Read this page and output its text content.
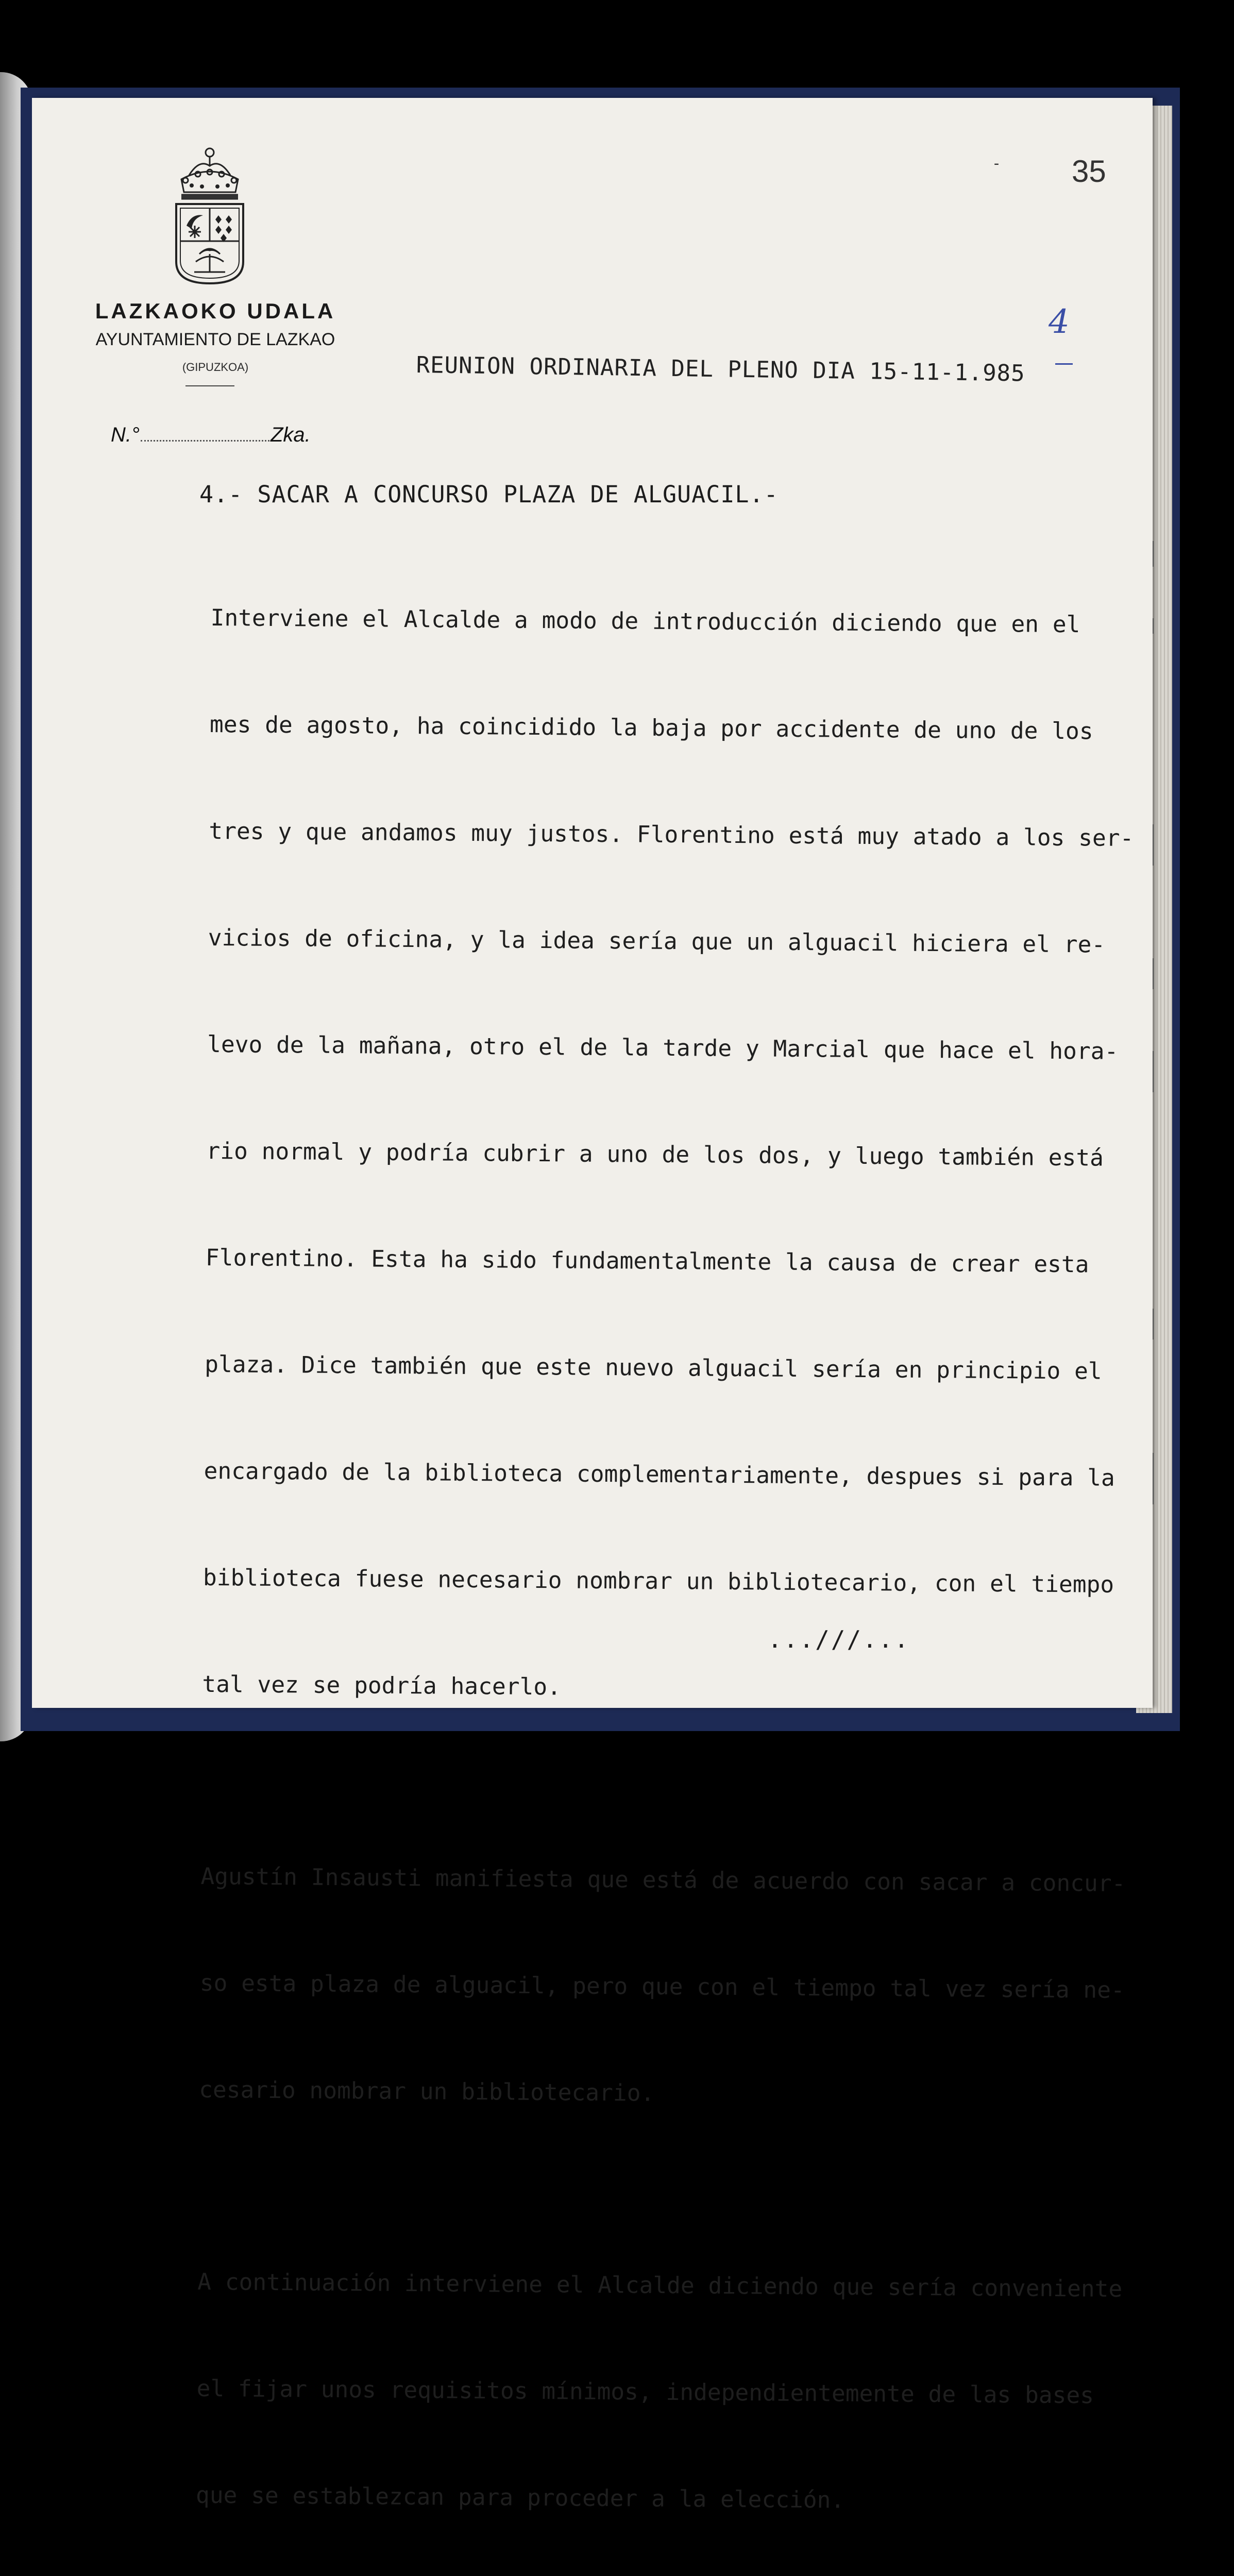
LAZKAOKO UDALA
AYUNTAMIENTO DE LAZKAO
(GIPUZKOA)
- 35
4
REUNION ORDINARIA DEL PLENO DIA 15-11-1.985
N.°	Zka.
4.- SACAR A CONCURSO PLAZA DE ALGUACIL.-

Interviene el Alcalde a modo de introducción diciendo que en el

mes de agosto, ha coincidido la baja por accidente de uno de los

tres y que andamos muy justos. Florentino está muy atado a los ser-

vicios de oficina, y la idea sería que un alguacil hiciera el re-

levo de la mañana, otro el de la tarde y Marcial que hace el hora-

rio normal y podría cubrir a uno de los dos, y luego también está

Florentino. Esta ha sido fundamentalmente la causa de crear esta

plaza. Dice también que este nuevo alguacil sería en principio el

encargado de la biblioteca complementariamente, despues si para la

biblioteca fuese necesario nombrar un bibliotecario, con el tiempo

tal vez se podría hacerlo.

Agustín Insausti manifiesta que está de acuerdo con sacar a concur-

so esta plaza de alguacil, pero que con el tiempo tal vez sería ne-

cesario nombrar un bibliotecario.

A continuación interviene el Alcalde diciendo que sería conveniente

el fijar unos requisitos mínimos, independientemente de las bases

que se establezcan para proceder a la elección.

...///...
